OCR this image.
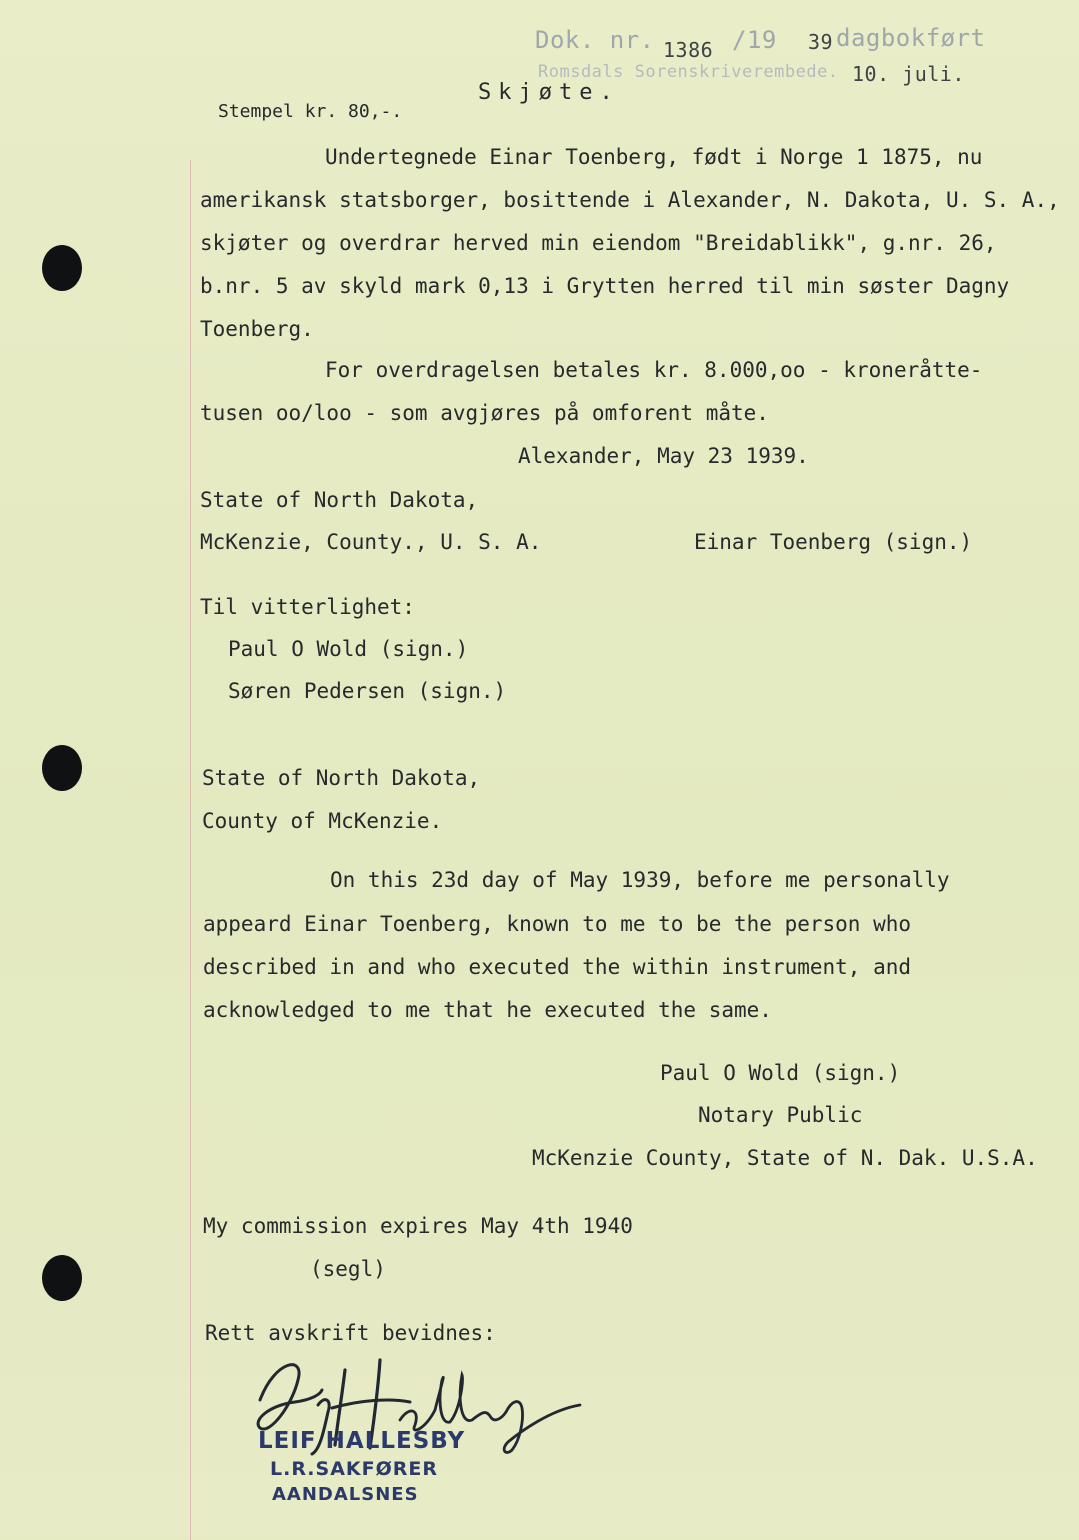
Dok. nr. 1386 /19 39 dagbokført
Romsdals Sorenskriverembede. 10. juli.
Stempel kr. 80,-.
Skjøte.
Undertegnede Einar Toenberg, født i Norge 1 1875, nu
amerikansk statsborger, bosittende i Alexander, N. Dakota, U. S. A.,
skjøter og overdrar herved min eiendom "Breidablikk", g.nr. 26,
b.nr. 5 av skyld mark 0,13 i Grytten herred til min søster Dagny
Toenberg.
For overdragelsen betales kr. 8.000,oo - kroneråtte-
tusen oo/loo - som avgjøres på omforent måte.
Alexander, May 23 1939.
State of North Dakota,
McKenzie, County., U. S. A.	Einar Toenberg (sign.)
Til vitterlighet:
Paul O Wold (sign.)
Søren Pedersen (sign.)
State of North Dakota,
County of McKenzie.
On this 23d day of May 1939, before me personally
appeard Einar Toenberg, known to me to be the person who
described in and who executed the within instrument, and
acknowledged to me that he executed the same.
Paul O Wold (sign.)
Notary Public
McKenzie County, State of N. Dak. U.S.A.
My commission expires May 4th 1940
(segl)
Rett avskrift bevidnes:
LEIF HALLESBY
L.R.SAKFØRER
AANDALSNES
